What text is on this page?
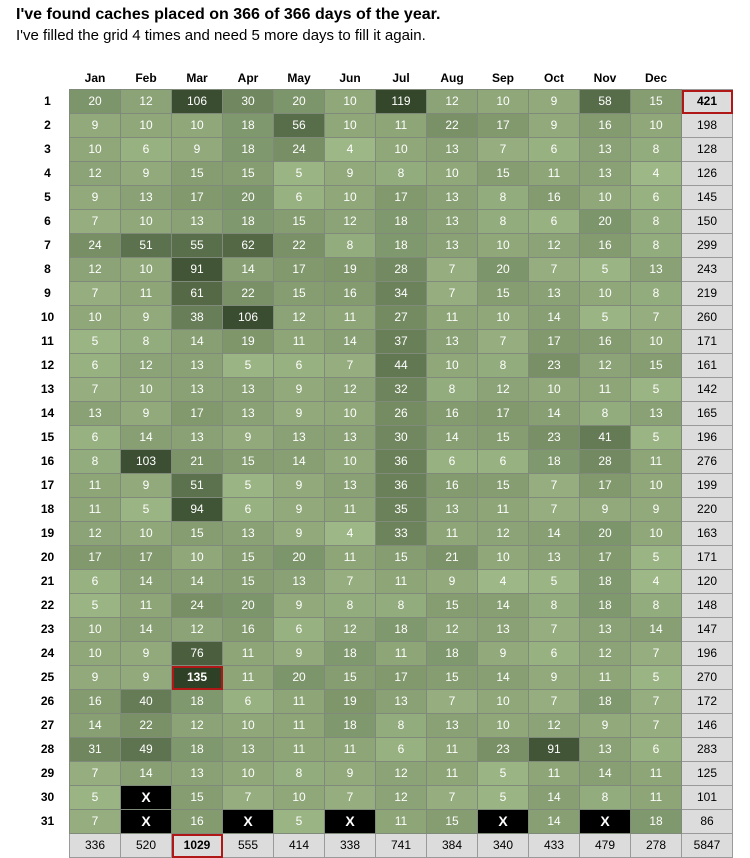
I've found caches placed on 366 of 366 days of the year.
I've filled the grid 4 times and need 5 more days to fill it again.
	Jan	Feb	Mar	Apr	May	Jun	Jul	Aug	Sep	Oct	Nov	Dec	
1	20	12	106	30	20	10	119	12	10	9	58	15	421
2	9	10	10	18	56	10	11	22	17	9	16	10	198
3	10	6	9	18	24	4	10	13	7	6	13	8	128
4	12	9	15	15	5	9	8	10	15	11	13	4	126
5	9	13	17	20	6	10	17	13	8	16	10	6	145
6	7	10	13	18	15	12	18	13	8	6	20	8	150
7	24	51	55	62	22	8	18	13	10	12	16	8	299
8	12	10	91	14	17	19	28	7	20	7	5	13	243
9	7	11	61	22	15	16	34	7	15	13	10	8	219
10	10	9	38	106	12	11	27	11	10	14	5	7	260
11	5	8	14	19	11	14	37	13	7	17	16	10	171
12	6	12	13	5	6	7	44	10	8	23	12	15	161
13	7	10	13	13	9	12	32	8	12	10	11	5	142
14	13	9	17	13	9	10	26	16	17	14	8	13	165
15	6	14	13	9	13	13	30	14	15	23	41	5	196
16	8	103	21	15	14	10	36	6	6	18	28	11	276
17	11	9	51	5	9	13	36	16	15	7	17	10	199
18	11	5	94	6	9	11	35	13	11	7	9	9	220
19	12	10	15	13	9	4	33	11	12	14	20	10	163
20	17	17	10	15	20	11	15	21	10	13	17	5	171
21	6	14	14	15	13	7	11	9	4	5	18	4	120
22	5	11	24	20	9	8	8	15	14	8	18	8	148
23	10	14	12	16	6	12	18	12	13	7	13	14	147
24	10	9	76	11	9	18	11	18	9	6	12	7	196
25	9	9	135	11	20	15	17	15	14	9	11	5	270
26	16	40	18	6	11	19	13	7	10	7	18	7	172
27	14	22	12	10	11	18	8	13	10	12	9	7	146
28	31	49	18	13	11	11	6	11	23	91	13	6	283
29	7	14	13	10	8	9	12	11	5	11	14	11	125
30	5	X	15	7	10	7	12	7	5	14	8	11	101
31	7	X	16	X	5	X	11	15	X	14	X	18	86
	336	520	1029	555	414	338	741	384	340	433	479	278	5847
